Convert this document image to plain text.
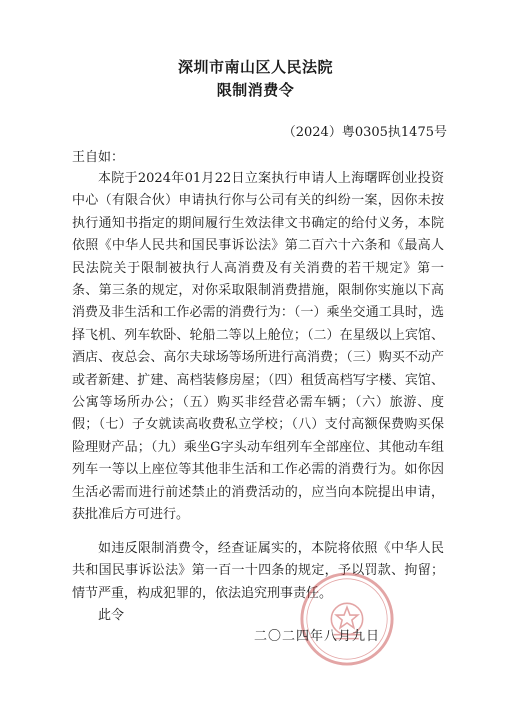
深圳市南山区人民法院
限制消费令
（2024）粤0305执1475号
王自如：

本院于2024年01月22日立案执行申请人上海曙晖创业投资中心（有限合伙）申请执行你与公司有关的纠纷一案，因你未按执行通知书指定的期间履行生效法律文书确定的给付义务，本院依照《中华人民共和国民事诉讼法》第二百六十六条和《最高人民法院关于限制被执行人高消费及有关消费的若干规定》第一条、第三条的规定，对你采取限制消费措施，限制你实施以下高消费及非生活和工作必需的消费行为：（一）乘坐交通工具时，选择飞机、列车软卧、轮船二等以上舱位；（二）在星级以上宾馆、酒店、夜总会、高尔夫球场等场所进行高消费；（三）购买不动产或者新建、扩建、高档装修房屋；（四）租赁高档写字楼、宾馆、公寓等场所办公；（五）购买非经营必需车辆；（六）旅游、度假；（七）子女就读高收费私立学校；（八）支付高额保费购买保险理财产品；（九）乘坐G字头动车组列车全部座位、其他动车组列车一等以上座位等其他非生活和工作必需的消费行为。如你因生活必需而进行前述禁止的消费活动的，应当向本院提出申请，获批准后方可进行。

如违反限制消费令，经查证属实的，本院将依照《中华人民共和国民事诉讼法》第一百一十四条的规定，予以罚款、拘留；情节严重，构成犯罪的，依法追究刑事责任。

此令
二〇二四年八月九日
